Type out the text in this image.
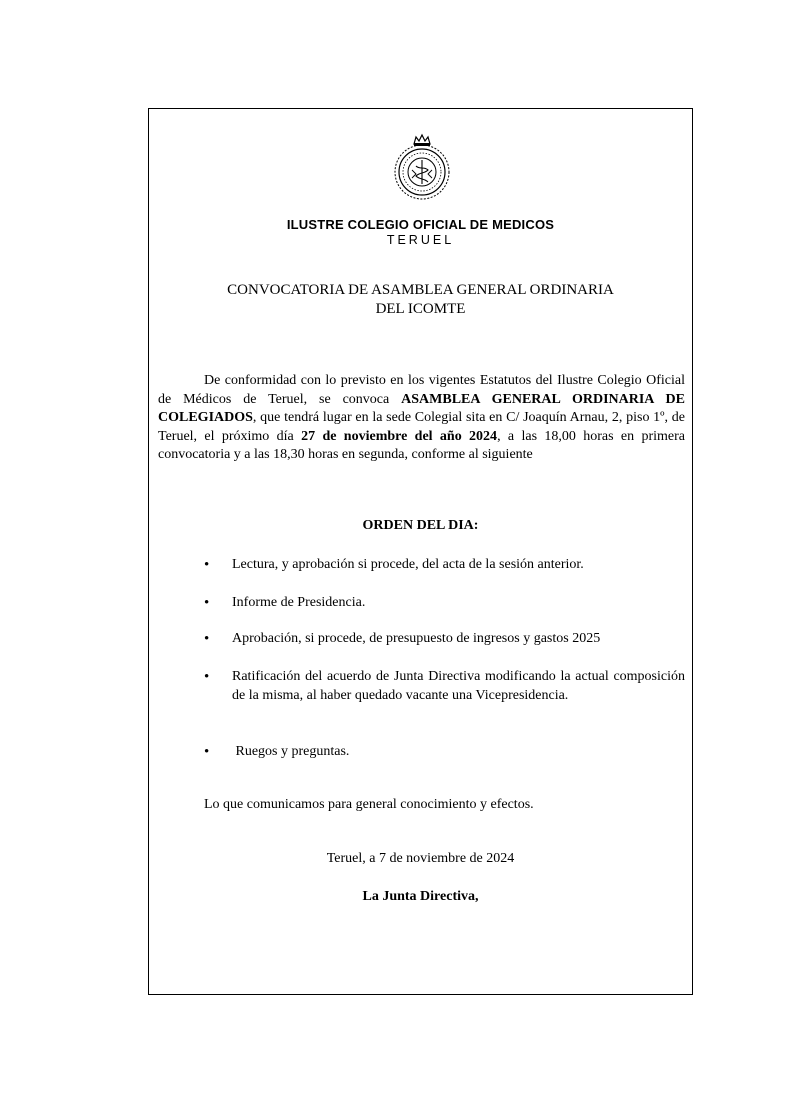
ILUSTRE COLEGIO OFICIAL DE MEDICOS
TERUEL
CONVOCATORIA DE ASAMBLEA GENERAL ORDINARIA
DEL ICOMTE

De conformidad con lo previsto en los vigentes Estatutos del Ilustre Colegio Oficial de Médicos de Teruel, se convoca ASAMBLEA GENERAL ORDINARIA DE COLEGIADOS, que tendrá lugar en la sede Colegial sita en C/ Joaquín Arnau, 2, piso 1º, de Teruel, el próximo día 27 de noviembre del año 2024, a las 18,00 horas en primera convocatoria y a las 18,30 horas en segunda, conforme al siguiente

ORDEN DEL DIA:
• Lectura, y aprobación si procede, del acta de la sesión anterior.
• Informe de Presidencia.
• Aprobación, si procede, de presupuesto de ingresos y gastos 2025
• Ratificación del acuerdo de Junta Directiva modificando la actual composición de la misma, al haber quedado vacante una Vicepresidencia.
• Ruegos y preguntas.
Lo que comunicamos para general conocimiento y efectos.
Teruel, a 7 de noviembre de 2024
La Junta Directiva,
